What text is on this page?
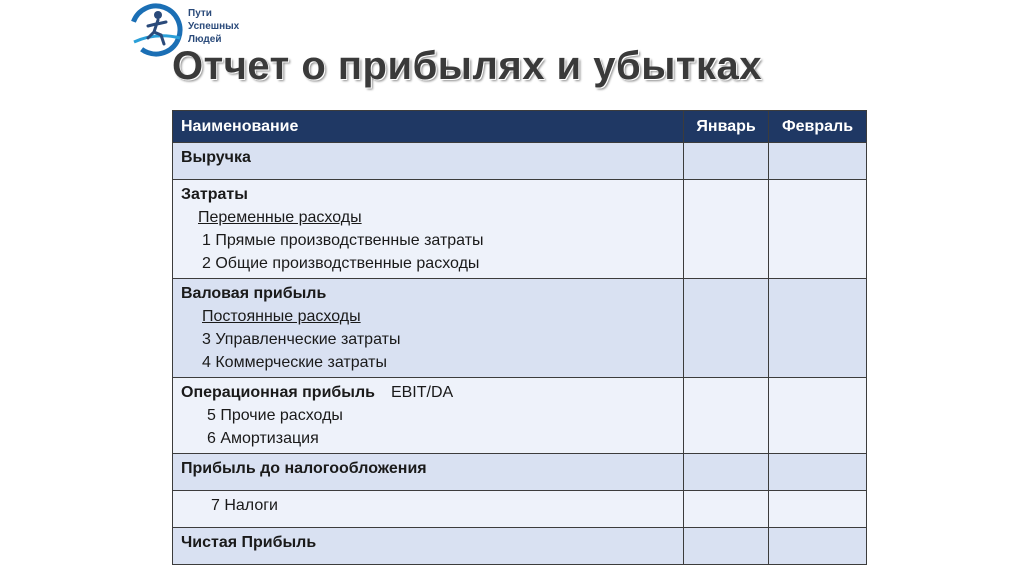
Пути
Успешных
Людей
Отчет о прибылях и убытках
Наименование	Январь	Февраль

Выручка		

Затраты
Переменные расходы
1 Прямые производственные затраты
2 Общие производственные расходы		

Валовая прибыль
Постоянные расходы
3 Управленческие затраты
4 Коммерческие затраты		

Операционная прибыль EBIT/DA
5 Прочие расходы
6 Амортизация		

Прибыль до налогообложения		

7 Налоги		

Чистая Прибыль		
